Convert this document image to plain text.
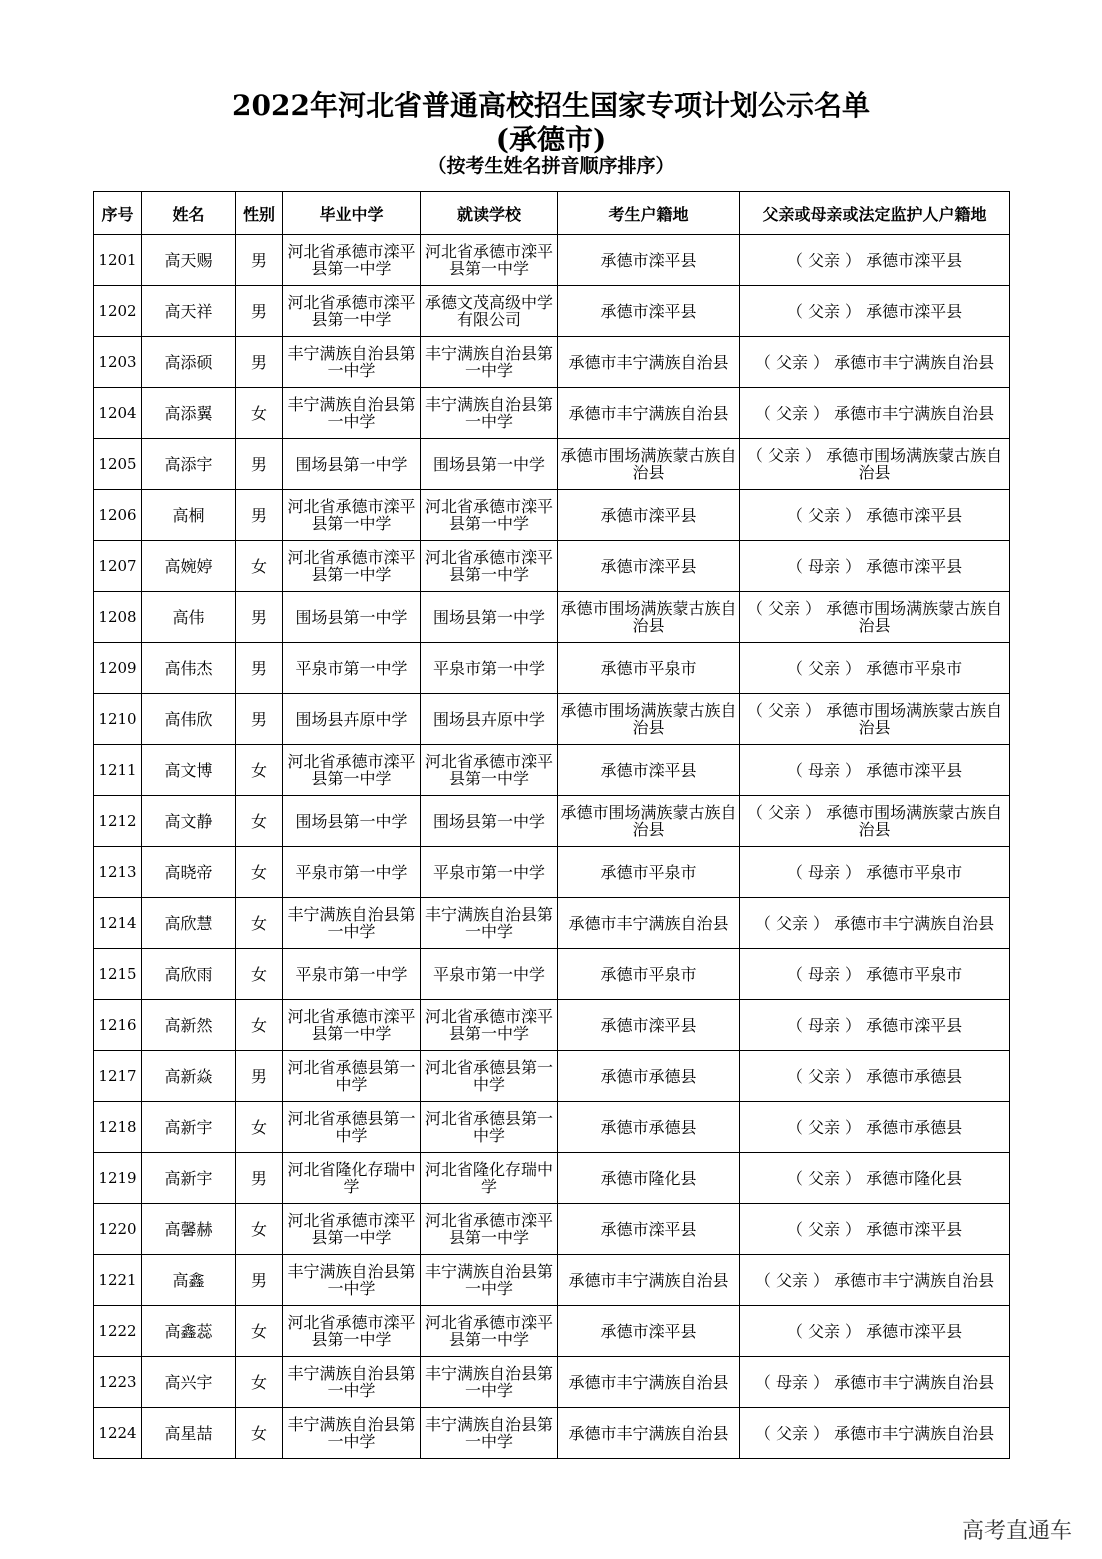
2022年河北省普通高校招生国家专项计划公示名单
(承德市)
（按考生姓名拼音顺序排序）
序号	姓名	性别	毕业中学	就读学校	考生户籍地	父亲或母亲或法定监护人户籍地
1201	高天赐	男	河北省承德市滦平县第一中学	河北省承德市滦平县第一中学	承德市滦平县	（ 父亲 ） 承德市滦平县
1202	高天祥	男	河北省承德市滦平县第一中学	承德文茂高级中学有限公司	承德市滦平县	（ 父亲 ） 承德市滦平县
1203	高添硕	男	丰宁满族自治县第一中学	丰宁满族自治县第一中学	承德市丰宁满族自治县	（ 父亲 ） 承德市丰宁满族自治县
1204	高添翼	女	丰宁满族自治县第一中学	丰宁满族自治县第一中学	承德市丰宁满族自治县	（ 父亲 ） 承德市丰宁满族自治县
1205	高添宇	男	围场县第一中学	围场县第一中学	承德市围场满族蒙古族自治县	（ 父亲 ） 承德市围场满族蒙古族自治县
1206	高桐	男	河北省承德市滦平县第一中学	河北省承德市滦平县第一中学	承德市滦平县	（ 父亲 ） 承德市滦平县
1207	高婉婷	女	河北省承德市滦平县第一中学	河北省承德市滦平县第一中学	承德市滦平县	（ 母亲 ） 承德市滦平县
1208	高伟	男	围场县第一中学	围场县第一中学	承德市围场满族蒙古族自治县	（ 父亲 ） 承德市围场满族蒙古族自治县
1209	高伟杰	男	平泉市第一中学	平泉市第一中学	承德市平泉市	（ 父亲 ） 承德市平泉市
1210	高伟欣	男	围场县卉原中学	围场县卉原中学	承德市围场满族蒙古族自治县	（ 父亲 ） 承德市围场满族蒙古族自治县
1211	高文博	女	河北省承德市滦平县第一中学	河北省承德市滦平县第一中学	承德市滦平县	（ 母亲 ） 承德市滦平县
1212	高文静	女	围场县第一中学	围场县第一中学	承德市围场满族蒙古族自治县	（ 父亲 ） 承德市围场满族蒙古族自治县
1213	高晓帝	女	平泉市第一中学	平泉市第一中学	承德市平泉市	（ 母亲 ） 承德市平泉市
1214	高欣慧	女	丰宁满族自治县第一中学	丰宁满族自治县第一中学	承德市丰宁满族自治县	（ 父亲 ） 承德市丰宁满族自治县
1215	高欣雨	女	平泉市第一中学	平泉市第一中学	承德市平泉市	（ 母亲 ） 承德市平泉市
1216	高新然	女	河北省承德市滦平县第一中学	河北省承德市滦平县第一中学	承德市滦平县	（ 母亲 ） 承德市滦平县
1217	高新焱	男	河北省承德县第一中学	河北省承德县第一中学	承德市承德县	（ 父亲 ） 承德市承德县
1218	高新宇	女	河北省承德县第一中学	河北省承德县第一中学	承德市承德县	（ 父亲 ） 承德市承德县
1219	高新宇	男	河北省隆化存瑞中学	河北省隆化存瑞中学	承德市隆化县	（ 父亲 ） 承德市隆化县
1220	高馨赫	女	河北省承德市滦平县第一中学	河北省承德市滦平县第一中学	承德市滦平县	（ 父亲 ） 承德市滦平县
1221	高鑫	男	丰宁满族自治县第一中学	丰宁满族自治县第一中学	承德市丰宁满族自治县	（ 父亲 ） 承德市丰宁满族自治县
1222	高鑫蕊	女	河北省承德市滦平县第一中学	河北省承德市滦平县第一中学	承德市滦平县	（ 父亲 ） 承德市滦平县
1223	高兴宇	女	丰宁满族自治县第一中学	丰宁满族自治县第一中学	承德市丰宁满族自治县	（ 母亲 ） 承德市丰宁满族自治县
1224	高星喆	女	丰宁满族自治县第一中学	丰宁满族自治县第一中学	承德市丰宁满族自治县	（ 父亲 ） 承德市丰宁满族自治县
高考直通车
